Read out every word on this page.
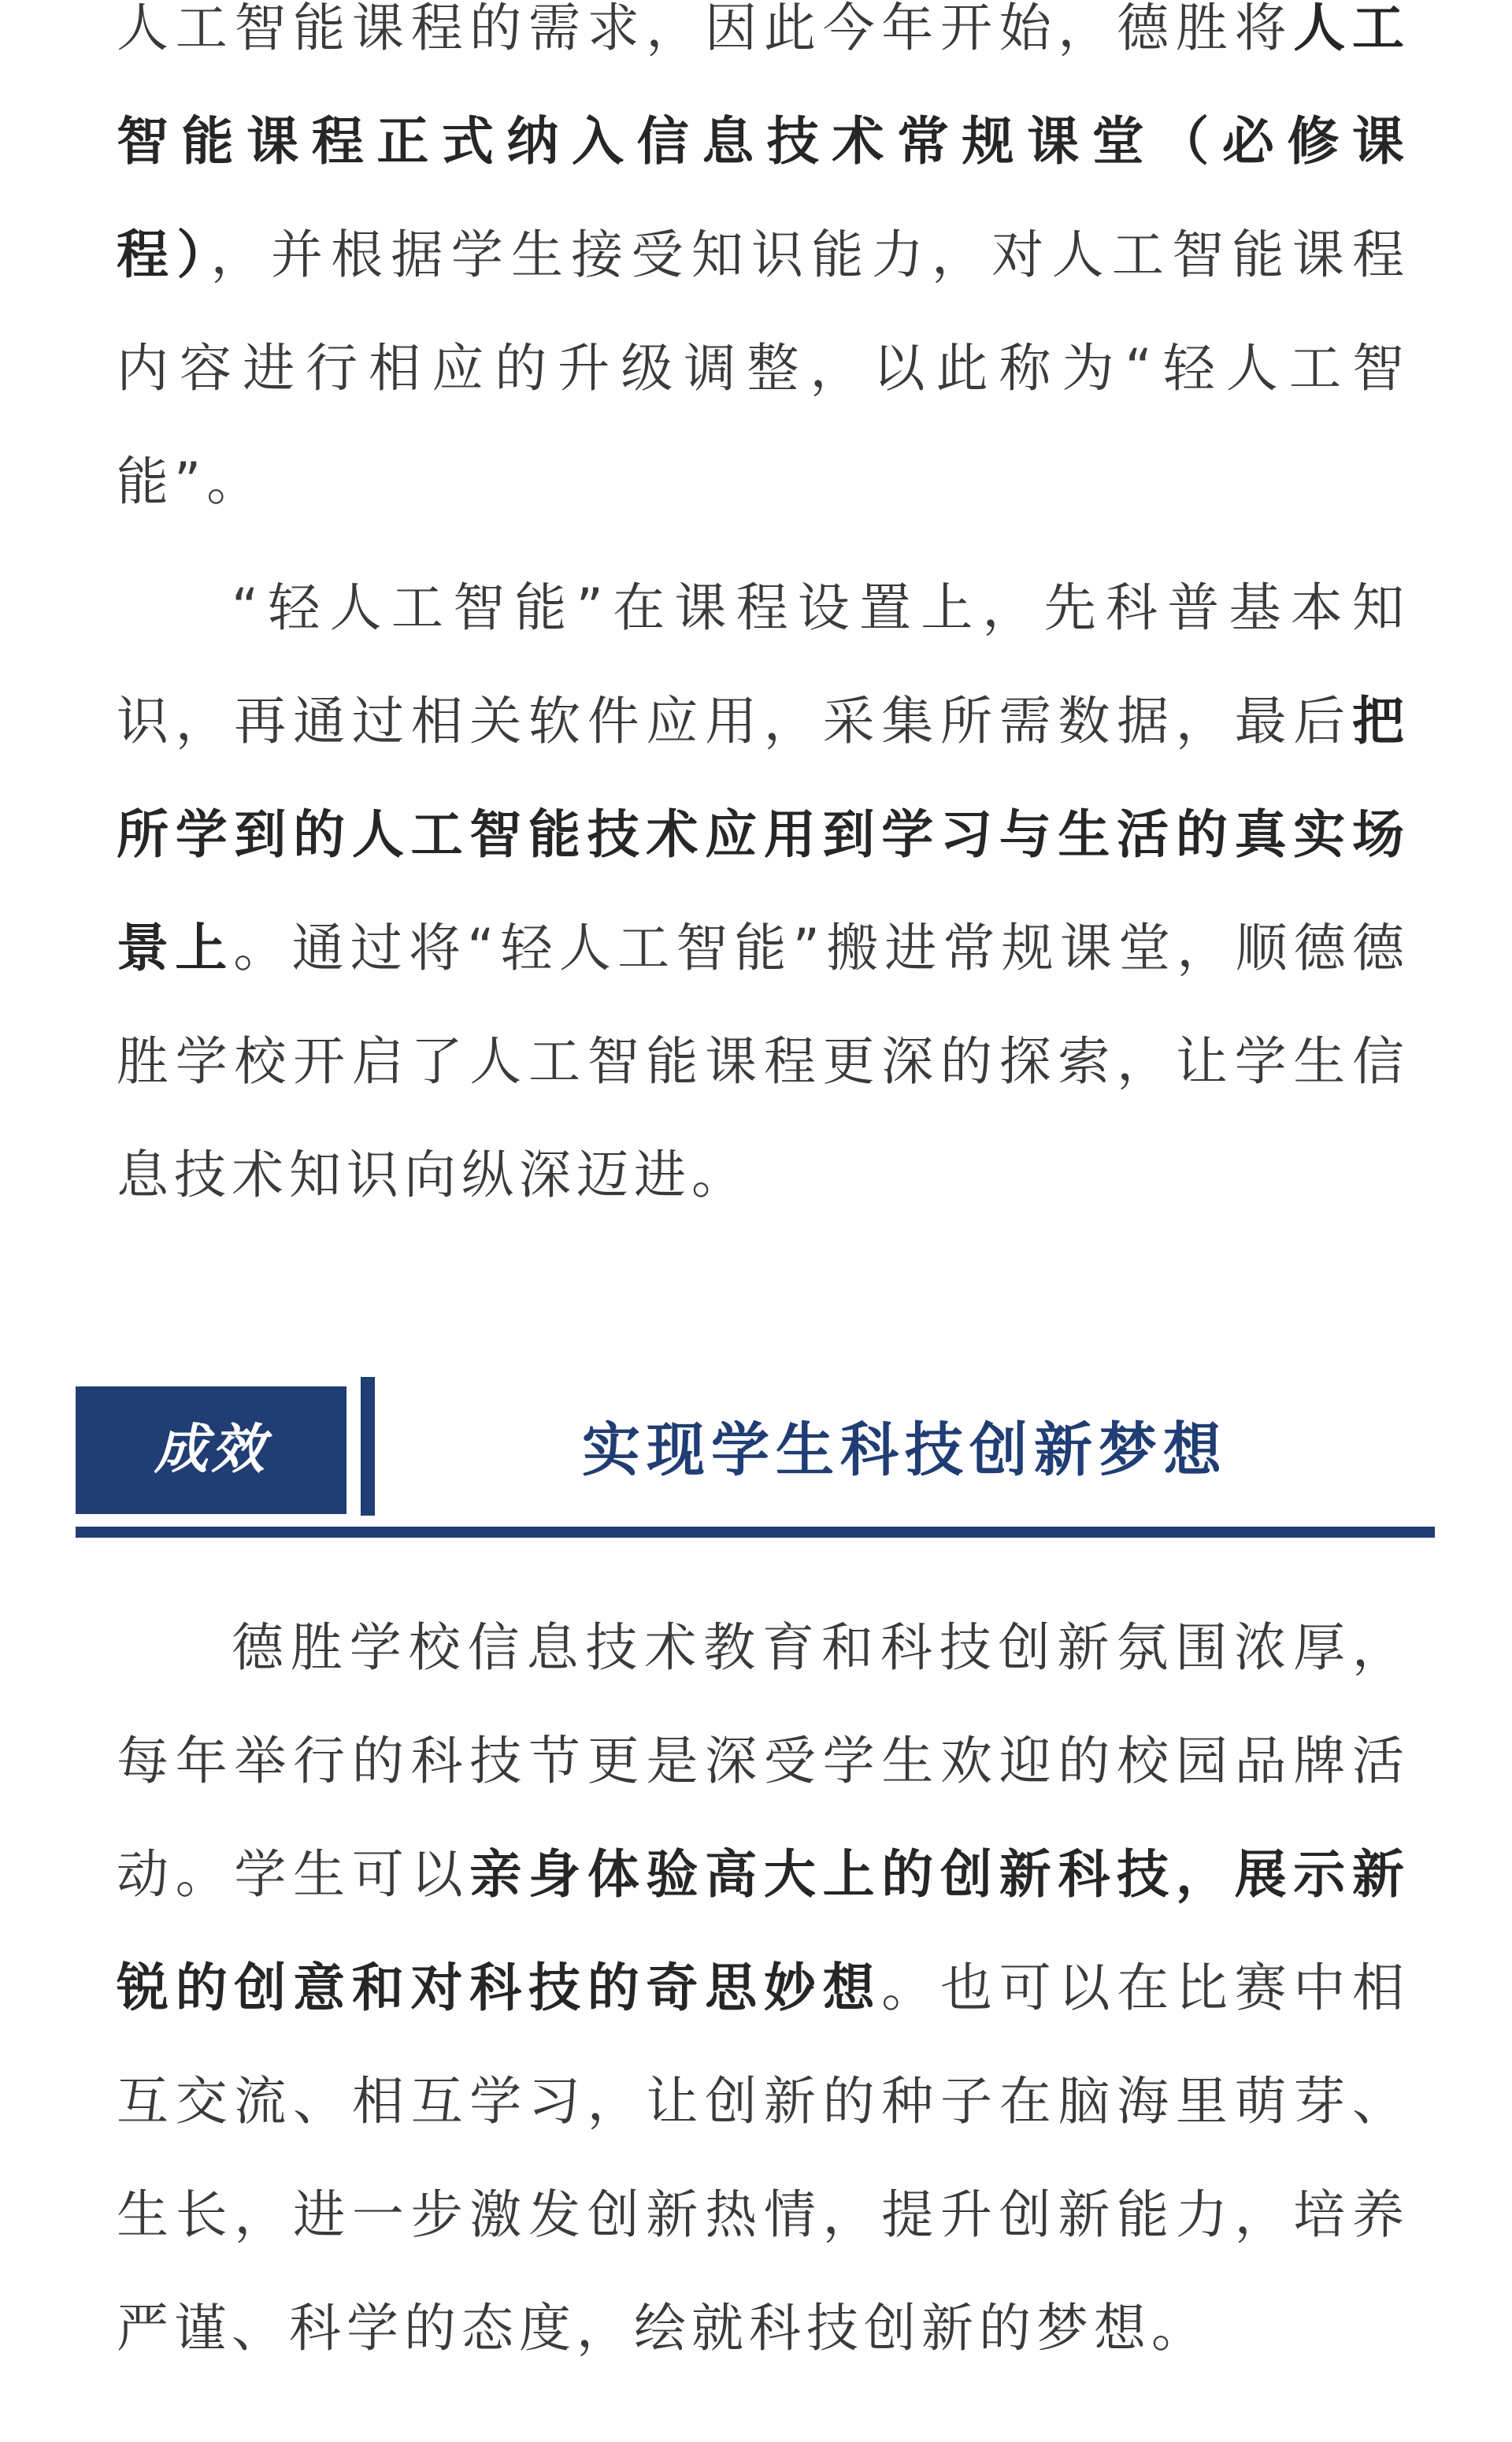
人工智能课程的需求，因此今年开始，德胜将人工智能课程正式纳入信息技术常规课堂（必修课程），并根据学生接受知识能力，对人工智能课程内容进行相应的升级调整，以此称为“轻人工智能”。

“轻人工智能”在课程设置上，先科普基本知识，再通过相关软件应用，采集所需数据，最后把所学到的人工智能技术应用到学习与生活的真实场景上。通过将“轻人工智能”搬进常规课堂，顺德德胜学校开启了人工智能课程更深的探索，让学生信息技术知识向纵深迈进。

成效	实现学生科技创新梦想

德胜学校信息技术教育和科技创新氛围浓厚，每年举行的科技节更是深受学生欢迎的校园品牌活动。学生可以亲身体验高大上的创新科技，展示新锐的创意和对科技的奇思妙想。也可以在比赛中相互交流、相互学习，让创新的种子在脑海里萌芽、生长，进一步激发创新热情，提升创新能力，培养严谨、科学的态度，绘就科技创新的梦想。
